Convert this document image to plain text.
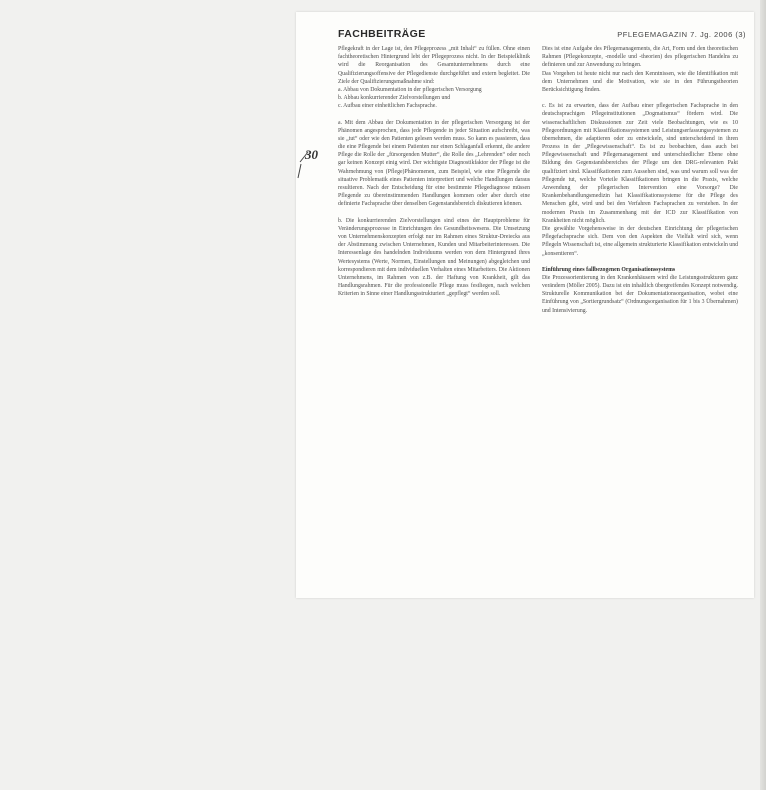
FACHBEITRÄGE	PFLEGEMAGAZIN 7. Jg. 2006 (3)

Pflegekraft in der Lage ist, den Pflegeprozess „mit Inhalt“ zu füllen. Ohne einen fachtheoretischen Hintergrund lebt der Pflegeprozess nicht. In der Beispielklinik wird die Reorganisation des Gesamtunternehmens durch eine Qualifizierungsoffensive der Pflegedienste durchgeführt und extern begleitet. Die Ziele der Qualifizierungsmaßnahme sind:

a. Abbau von Dokumentation in der pflegerischen Versorgung

b. Abbau konkurrierender Zielvorstellungen und

c. Aufbau einer einheitlichen Fachsprache.

a. Mit dem Abbau der Dokumentation in der pflegerischen Versorgung ist der Phänomen angesprochen, dass jede Pflegende in jeder Situation aufschreibt, was sie „tut“ oder wie den Patienten gelesen werden muss. So kann es passieren, dass die eine Pflegende bei einem Patienten nur einen Schlaganfall erkennt, die andere Pflege die Rolle der „fürsorgenden Mutter“, die Rolle des „Lehrenden“ oder noch gar keinen Konzept einig wird. Der wichtigste Diagnostikfaktor der Pflege ist die Wahrnehmung von (Pflege)Phänomenen, zum Beispiel, wie eine Pflegende die situative Problematik eines Patienten interpretiert und welche Handlungen daraus resultieren. Nach der Entscheidung für eine bestimmte Pflegediagnose müssen Pflegende zu übereinstimmenden Handlungen kommen oder aber durch eine definierte Fachsprache über denselben Gegenstandsbereich diskutieren können.

b. Die konkurrierenden Zielvorstellungen sind eines der Hauptprobleme für Veränderungsprozesse in Einrichtungen des Gesundheitswesens. Die Umsetzung von Unternehmenskonzepten erfolgt nur im Rahmen eines Struktur-Dreiecks aus der Abstimmung zwischen Unternehmen, Kunden und Mitarbeiterinteressen. Die Interessenlage des handelnden Individuums werden von dem Hintergrund ihres Wertesystems (Werte, Normen, Einstellungen und Meinungen) abgegleichen und korrespondieren mit dem individuellen Verhalten eines Mitarbeiters. Die Aktionen Unternehmens, im Rahmen von z.B. der Haftung von Krankheit, gilt das Handlungsrahmen. Für die professionelle Pflege muss festliegen, nach welchen Kriterien in Sinne einer Handlungsstrukturiert „gepflegt“ werden soll.

Dies ist eine Aufgabe des Pflegemanagements, die Art, Form und den theoretischen Rahmen (Pflegekonzepte, -modelle und -theorien) des pflegerischen Handelns zu definieren und zur Anwendung zu bringen.

Das Vorgehen ist heute nicht nur nach den Kenntnissen, wie die Identifikation mit dem Unternehmen und die Motivation, wie sie in den Führungstheorien Berücksichtigung finden.

c. Es ist zu erwarten, dass der Aufbau einer pflegerischen Fachsprache in den deutschsprachigen Pflegeinstitutionen „Dogmatismus“ fördern wird. Die wissenschaftlichen Diskussionen zur Zeit viele Beobachtungen, wie es 10 Pflegeordnungen mit Klassifikationssystemen und Leistungserfassungssystemen zu übernehmen, die adaptieren oder zu entwickeln, sind unterscheidend in ihren Prozess in der „Pflegewissenschaft“. Es ist zu beobachten, dass auch bei Pflegewissenschaft und Pflegemanagement und unterschiedlicher Ebene ohne Bildung des Gegenstandsbereiches der Pflege um den DRG-relevanten Pakt qualifiziert sind. Klassifikationen zum Aussehen sind, was und warum soll was der Pflegende tut, welche Vorteile Klassifikationen bringen in die Praxis, welche Anwendung der pflegerischen Intervention eine Vorsorge? Die Krankenbehandlungsmedizin hat Klassifikationssysteme für die Pflege des Menschen gibt, wird und bei den Verfahren Fachsprachen zu verstehen. In der modernen Praxis im Zusammenhang mit der ICD zur Klassifikation von Krankheiten nicht möglich.

Die gewählte Vorgehensweise in der deutschen Einrichtung der pflegerischen Pflegefachsprache sich. Dem von den Aspekten die Vielfalt wird sich, wenn Pflegeln Wissenschaft ist, eine allgemein strukturierte Klassifikation entwickeln und „konsentieren“.

Einführung eines fallbezogenen Organisationssystems

Die Prozessorientierung in den Krankenhäusern wird die Leistungsstrukturen ganz verändern (Möller 2005). Dazu ist ein inhaltlich übergreifendes Konzept notwendig. Strukturelle Kommunikation bei der Dokumentationsorganisation, wobei eine Einführung von „Sortiergrundsatz“ (Ordnungsorganisation für 1 bis 3 Übernahmen) und Intensivierung.

30
